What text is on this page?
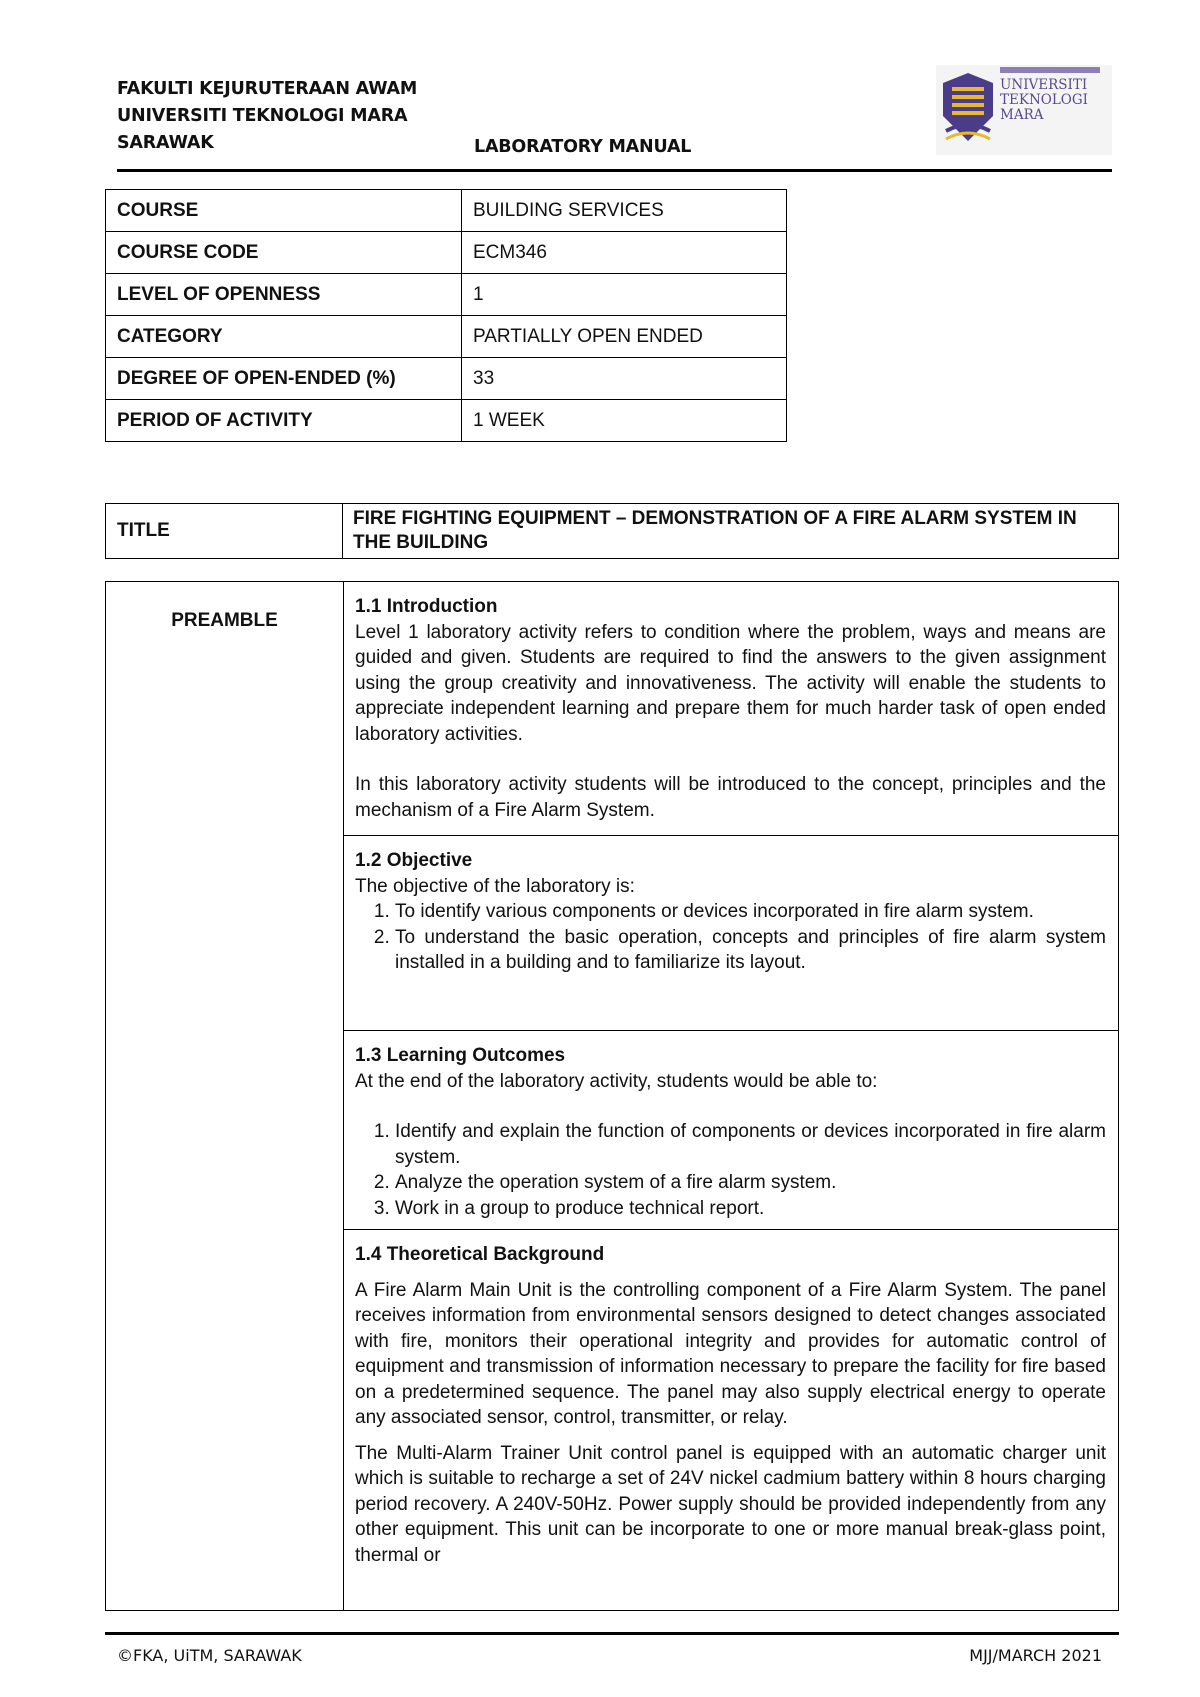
FAKULTI KEJURUTERAAN AWAM
UNIVERSITI TEKNOLOGI MARA
SARAWAK	LABORATORY MANUAL
UNIVERSITI
TEKNOLOGI
MARA
COURSE	BUILDING SERVICES
COURSE CODE	ECM346
LEVEL OF OPENNESS	1
CATEGORY	PARTIALLY OPEN ENDED
DEGREE OF OPEN-ENDED (%)	33
PERIOD OF ACTIVITY	1 WEEK
TITLE	FIRE FIGHTING EQUIPMENT – DEMONSTRATION OF A FIRE ALARM SYSTEM IN THE BUILDING
PREAMBLE	
1.1 Introduction

Level 1 laboratory activity refers to condition where the problem, ways and means are guided and given. Students are required to find the answers to the given assignment using the group creativity and innovativeness. The activity will enable the students to appreciate independent learning and prepare them for much harder task of open ended laboratory activities.

In this laboratory activity students will be introduced to the concept, principles and the mechanism of a Fire Alarm System.

1.2 Objective

The objective of the laboratory is:

1. To identify various components or devices incorporated in fire alarm system.
2. To understand the basic operation, concepts and principles of fire alarm system installed in a building and to familiarize its layout.

1.3 Learning Outcomes

At the end of the laboratory activity, students would be able to:

1. Identify and explain the function of components or devices incorporated in fire alarm system.
2. Analyze the operation system of a fire alarm system.
3. Work in a group to produce technical report.

1.4 Theoretical Background

A Fire Alarm Main Unit is the controlling component of a Fire Alarm System. The panel receives information from environmental sensors designed to detect changes associated with fire, monitors their operational integrity and provides for automatic control of equipment and transmission of information necessary to prepare the facility for fire based on a predetermined sequence. The panel may also supply electrical energy to operate any associated sensor, control, transmitter, or relay.

The Multi-Alarm Trainer Unit control panel is equipped with an automatic charger unit which is suitable to recharge a set of 24V nickel cadmium battery within 8 hours charging period recovery. A 240V-50Hz. Power supply should be provided independently from any other equipment. This unit can be incorporate to one or more manual break-glass point, thermal or

©FKA, UiTM, SARAWAK	MJJ/MARCH 2021
